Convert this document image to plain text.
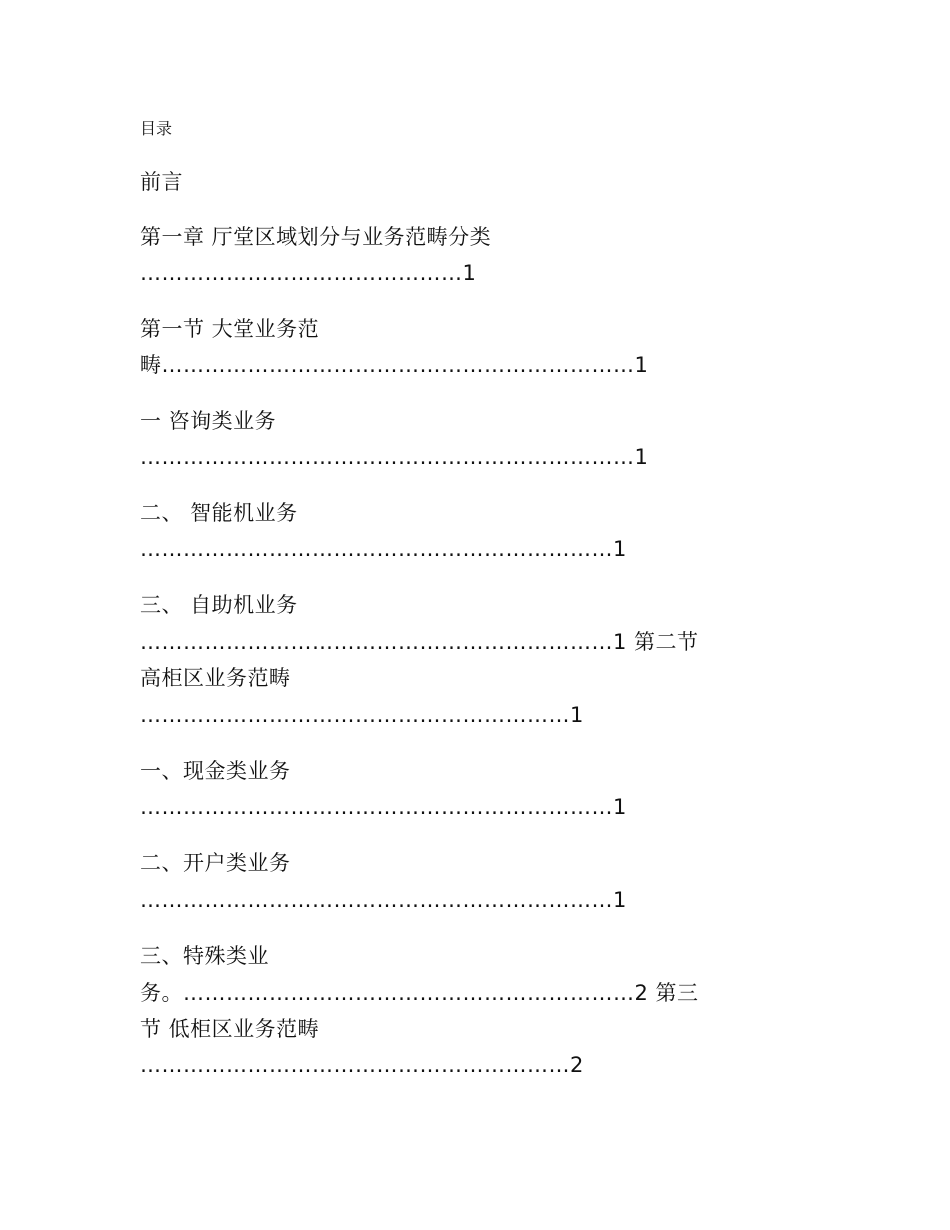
目录
前言
第一章 厅堂区域划分与业务范畴分类
………………………………………1
第一节 大堂业务范
畴…………………………………………………………1
一 咨询类业务
……………………………………………………………1
二、 智能机业务
…………………………………………………………1
三、 自助机业务
…………………………………………………………1 第二节
高柜区业务范畴
……………………………………………………1
一、现金类业务
…………………………………………………………1
二、开户类业务
…………………………………………………………1
三、特殊类业
务。………………………………………………………2 第三
节 低柜区业务范畴
……………………………………………………2
